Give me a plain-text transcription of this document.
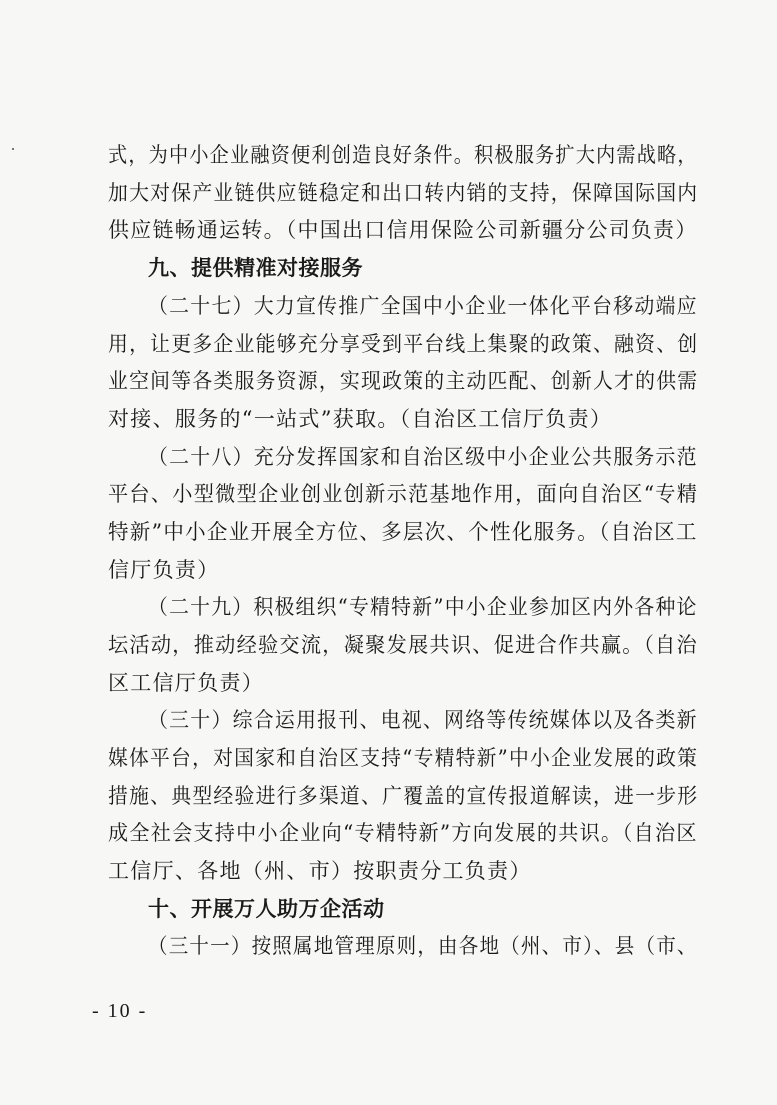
式，为中小企业融资便利创造良好条件。积极服务扩大内需战略，
加大对保产业链供应链稳定和出口转内销的支持，保障国际国内
供应链畅通运转。（中国出口信用保险公司新疆分公司负责）
九、提供精准对接服务
（二十七）大力宣传推广全国中小企业一体化平台移动端应
用，让更多企业能够充分享受到平台线上集聚的政策、融资、创
业空间等各类服务资源，实现政策的主动匹配、创新人才的供需
对接、服务的“一站式”获取。（自治区工信厅负责）
（二十八）充分发挥国家和自治区级中小企业公共服务示范
平台、小型微型企业创业创新示范基地作用，面向自治区“专精
特新”中小企业开展全方位、多层次、个性化服务。（自治区工
信厅负责）
（二十九）积极组织“专精特新”中小企业参加区内外各种论
坛活动，推动经验交流，凝聚发展共识、促进合作共赢。（自治
区工信厅负责）
（三十）综合运用报刊、电视、网络等传统媒体以及各类新
媒体平台，对国家和自治区支持“专精特新”中小企业发展的政策
措施、典型经验进行多渠道、广覆盖的宣传报道解读，进一步形
成全社会支持中小企业向“专精特新”方向发展的共识。（自治区
工信厅、各地（州、市）按职责分工负责）
十、开展万人助万企活动
（三十一）按照属地管理原则，由各地（州、市）、县（市、
- 10 -
